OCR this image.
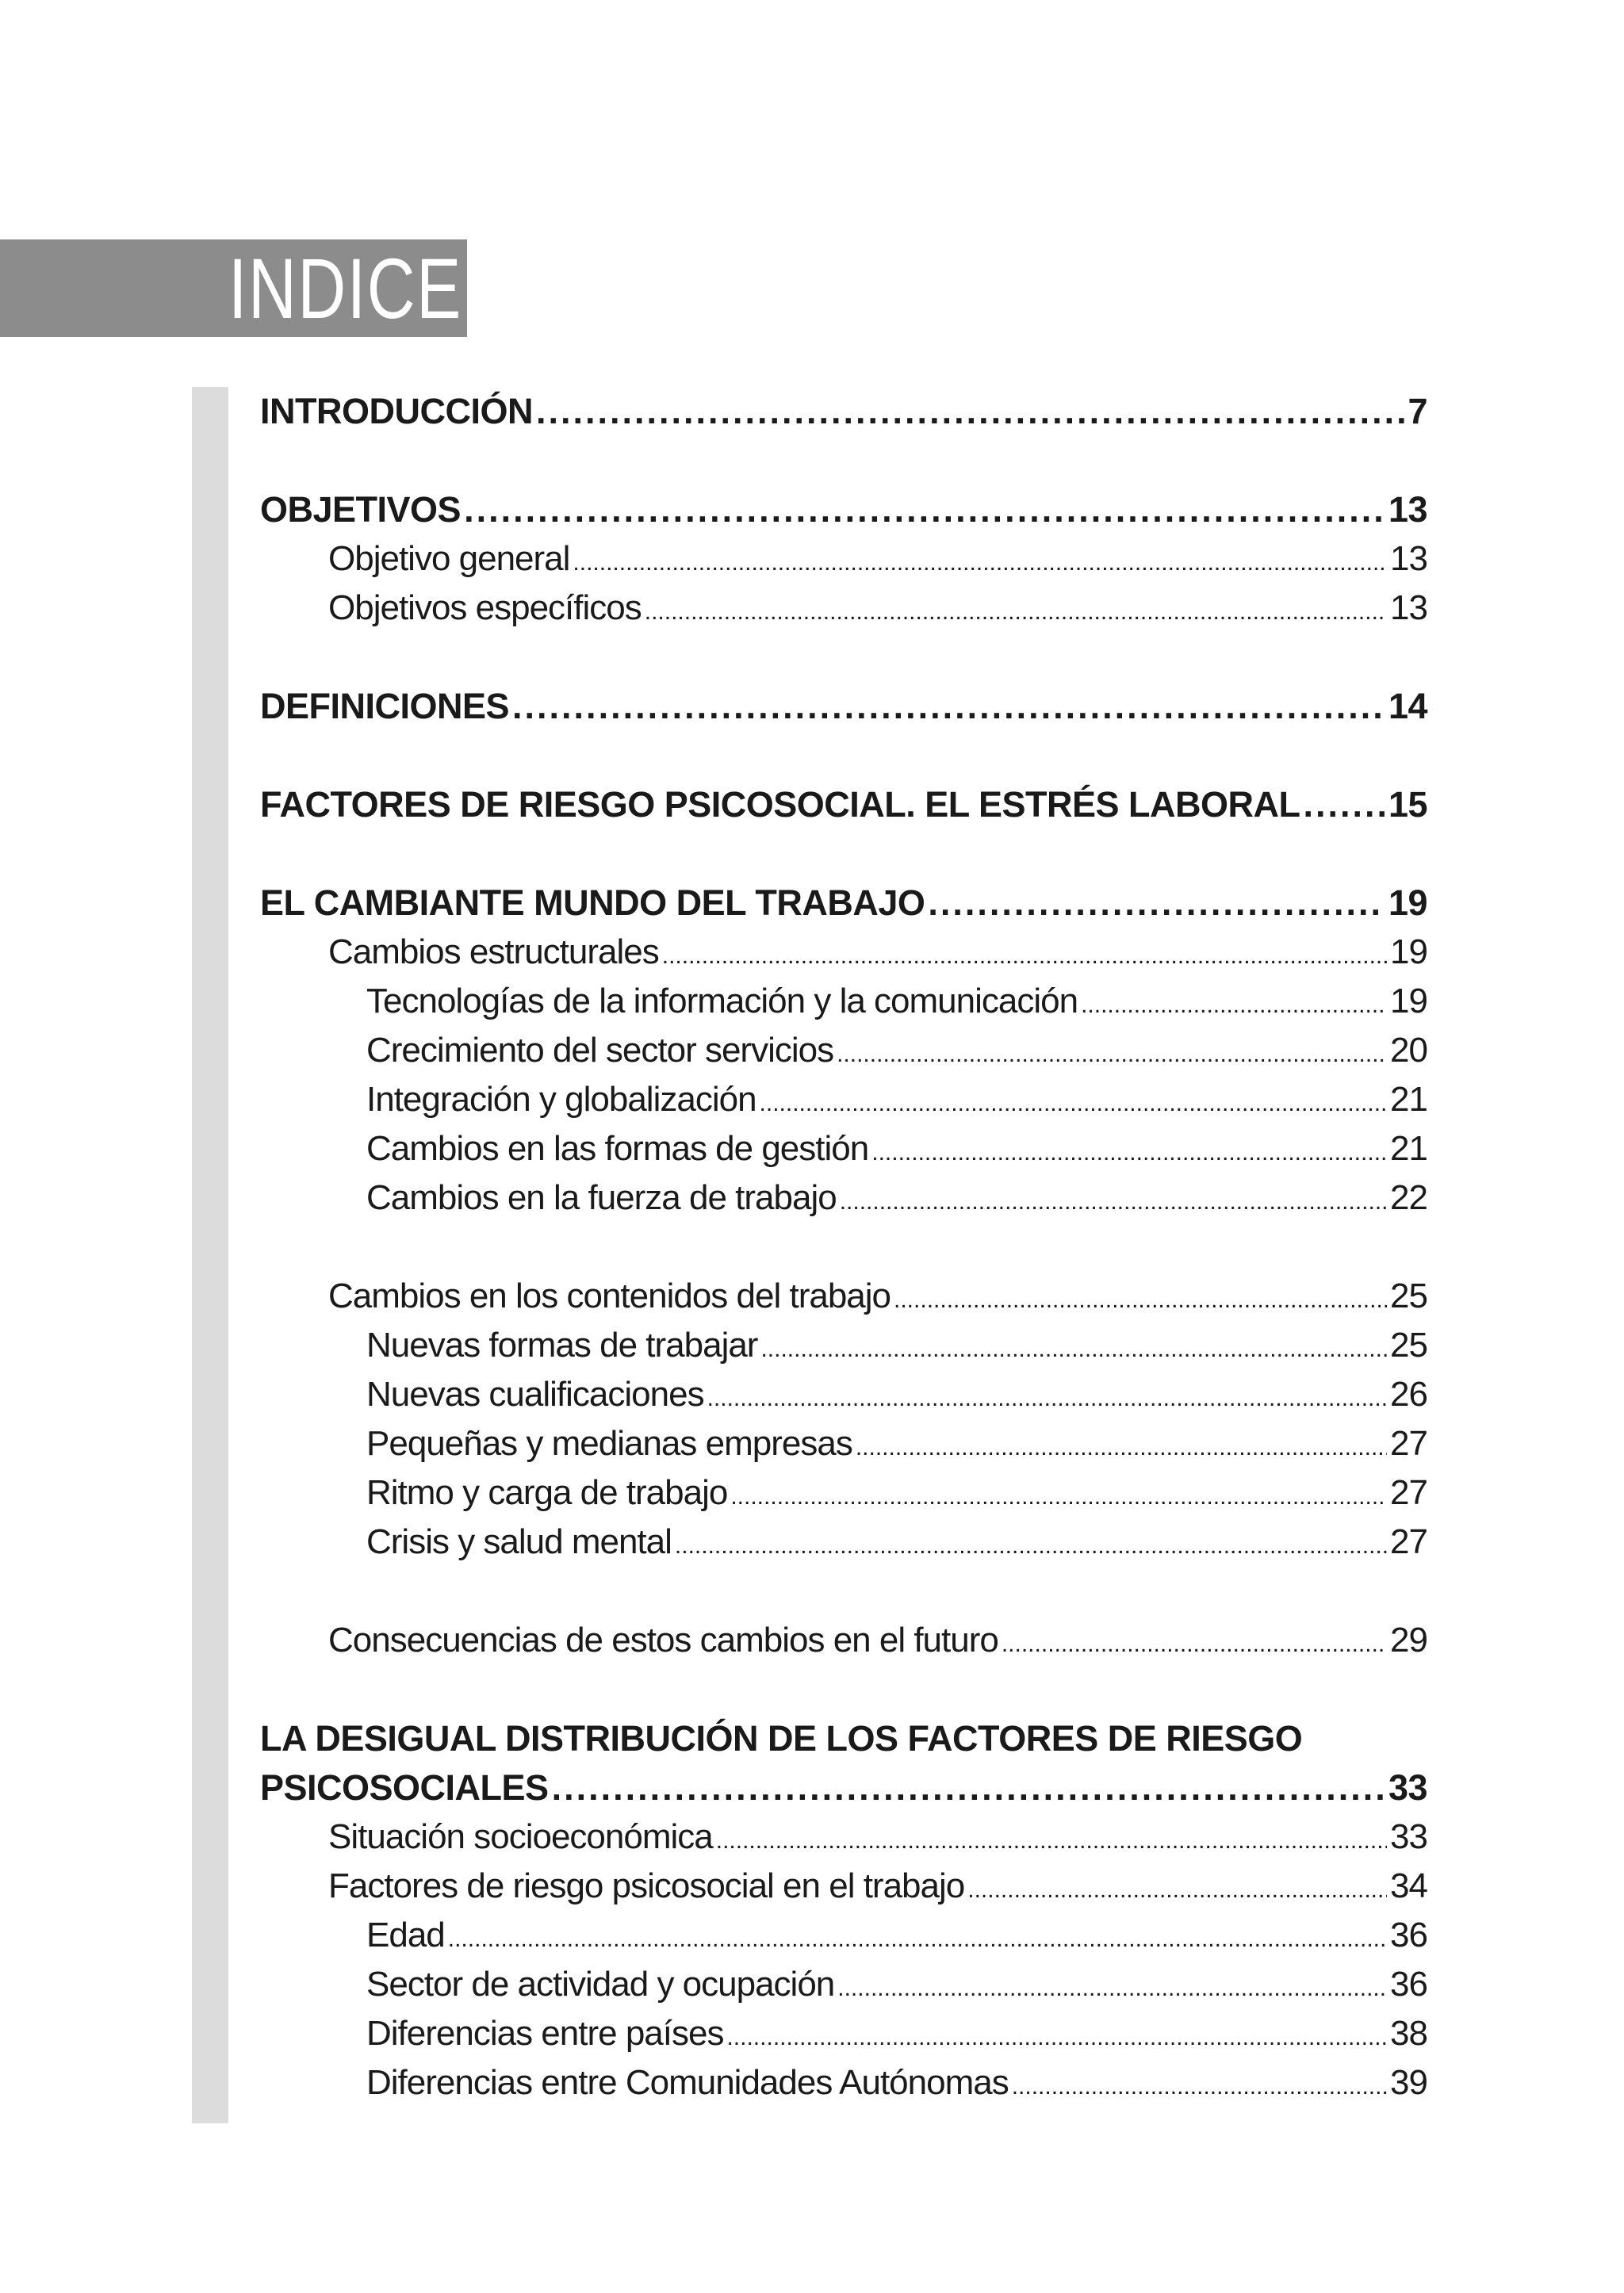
INDICE
INTRODUCCIÓN .....	7
OBJETIVOS .....	13
Objetivo general .....	13
Objetivos específicos .....	13
DEFINICIONES .....	14
FACTORES DE RIESGO PSICOSOCIAL. EL ESTRÉS LABORAL ..... 15
EL CAMBIANTE MUNDO DEL TRABAJO .....	19
Cambios estructurales .....	19
Tecnologías de la información y la comunicación .....	19
Crecimiento del sector servicios .....	20
Integración y globalización .....	21
Cambios en las formas de gestión .....	21
Cambios en la fuerza de trabajo .....	22
Cambios en los contenidos del trabajo .....	25
Nuevas formas de trabajar .....	25
Nuevas cualificaciones .....	26
Pequeñas y medianas empresas .....	27
Ritmo y carga de trabajo .....	27
Crisis y salud mental .....	27
Consecuencias de estos cambios en el futuro .....	29
LA DESIGUAL DISTRIBUCIÓN DE LOS FACTORES DE RIESGO
PSICOSOCIALES .....	33
Situación socioeconómica .....	33
Factores de riesgo psicosocial en el trabajo .....	34
Edad .....	36
Sector de actividad y ocupación .....	36
Diferencias entre países .....	38
Diferencias entre Comunidades Autónomas .....	39
